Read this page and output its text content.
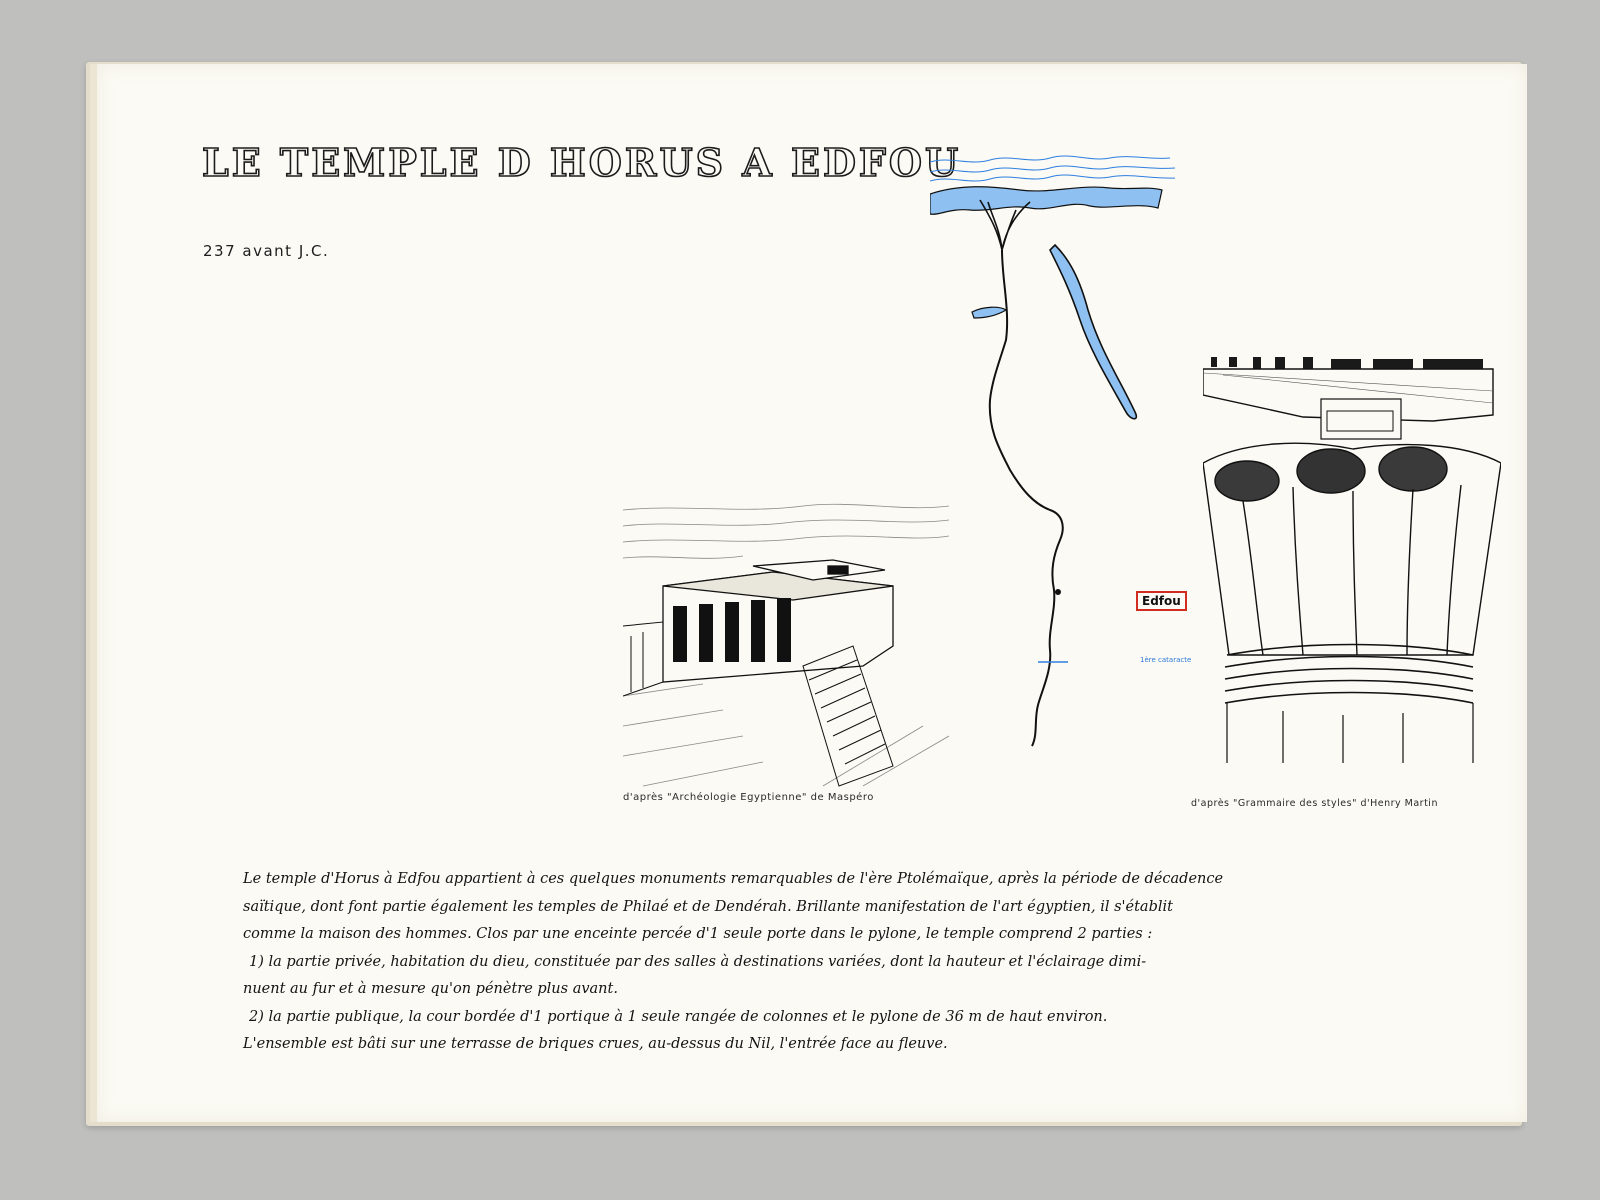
LE TEMPLE D HORUS A EDFOU
237 avant J.C.
Edfou
1ère cataracte
d'après "Archéologie Egyptienne" de Maspéro
d'après "Grammaire des styles" d'Henry Martin
Le temple d'Horus à Edfou appartient à ces quelques monuments remarquables de l'ère Ptolémaïque, après la période de décadence
saïtique, dont font partie également les temples de Philaé et de Dendérah. Brillante manifestation de l'art égyptien, il s'établit
comme la maison des hommes. Clos par une enceinte percée d'1 seule porte dans le pylone, le temple comprend 2 parties :
1) la partie privée, habitation du dieu, constituée par des salles à destinations variées, dont la hauteur et l'éclairage dimi-
nuent au fur et à mesure qu'on pénètre plus avant.
2) la partie publique, la cour bordée d'1 portique à 1 seule rangée de colonnes et le pylone de 36 m de haut environ.
L'ensemble est bâti sur une terrasse de briques crues, au-dessus du Nil, l'entrée face au fleuve.
